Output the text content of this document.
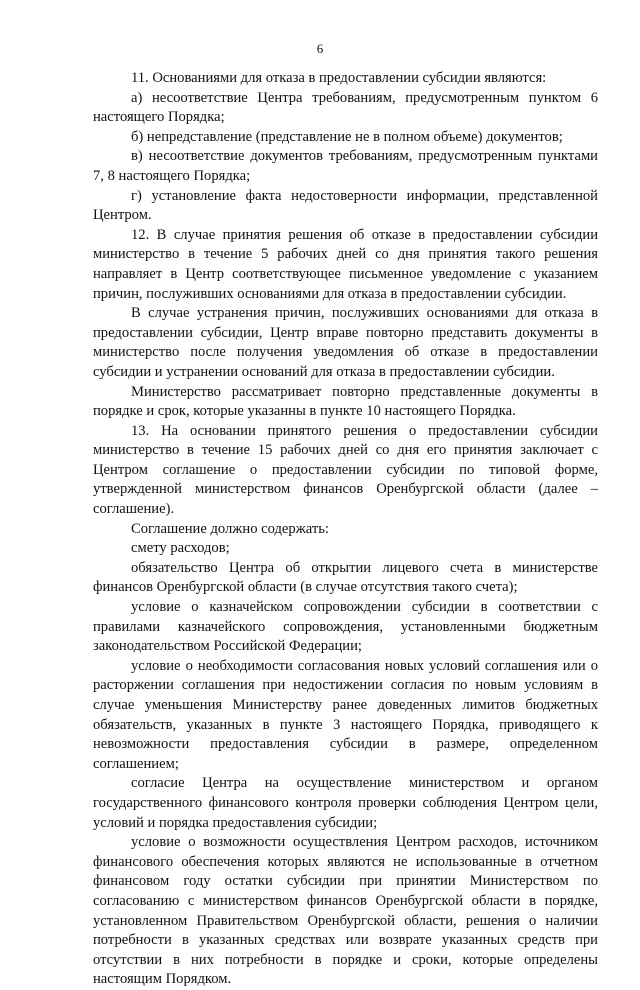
6

11. Основаниями для отказа в предоставлении субсидии являются:

а) несоответствие Центра требованиям, предусмотренным пунктом 6 настоящего Порядка;

б) непредставление (представление не в полном объеме) документов;

в) несоответствие документов требованиям, предусмотренным пунктами 7, 8 настоящего Порядка;

г) установление факта недостоверности информации, представленной Центром.

12. В случае принятия решения об отказе в предоставлении субсидии министерство в течение 5 рабочих дней со дня принятия такого решения направляет в Центр соответствующее письменное уведомление с указанием причин, послуживших основаниями для отказа в предоставлении субсидии.

В случае устранения причин, послуживших основаниями для отказа в предоставлении субсидии, Центр вправе повторно представить документы в министерство после получения уведомления об отказе в предоставлении субсидии и устранении оснований для отказа в предоставлении субсидии.

Министерство рассматривает повторно представленные документы в порядке и срок, которые указанны в пункте 10 настоящего Порядка.

13. На основании принятого решения о предоставлении субсидии министерство в течение 15 рабочих дней со дня его принятия заключает с Центром соглашение о предоставлении субсидии по типовой форме, утвержденной министерством финансов Оренбургской области (далее – соглашение).

Соглашение должно содержать:

смету расходов;

обязательство Центра об открытии лицевого счета в министерстве финансов Оренбургской области (в случае отсутствия такого счета);

условие о казначейском сопровождении субсидии в соответствии с правилами казначейского сопровождения, установленными бюджетным законодательством Российской Федерации;

условие о необходимости согласования новых условий соглашения или о расторжении соглашения при недостижении согласия по новым условиям в случае уменьшения Министерству ранее доведенных лимитов бюджетных обязательств, указанных в пункте 3 настоящего Порядка, приводящего к невозможности предоставления субсидии в размере, определенном соглашением;

согласие Центра на осуществление министерством и органом государственного финансового контроля проверки соблюдения Центром цели, условий и порядка предоставления субсидии;

условие о возможности осуществления Центром расходов, источником финансового обеспечения которых являются не использованные в отчетном финансовом году остатки субсидии при принятии Министерством по согласованию с министерством финансов Оренбургской области в порядке, установленном Правительством Оренбургской области, решения о наличии потребности в указанных средствах или возврате указанных средств при отсутствии в них потребности в порядке и сроки, которые определены настоящим Порядком.
